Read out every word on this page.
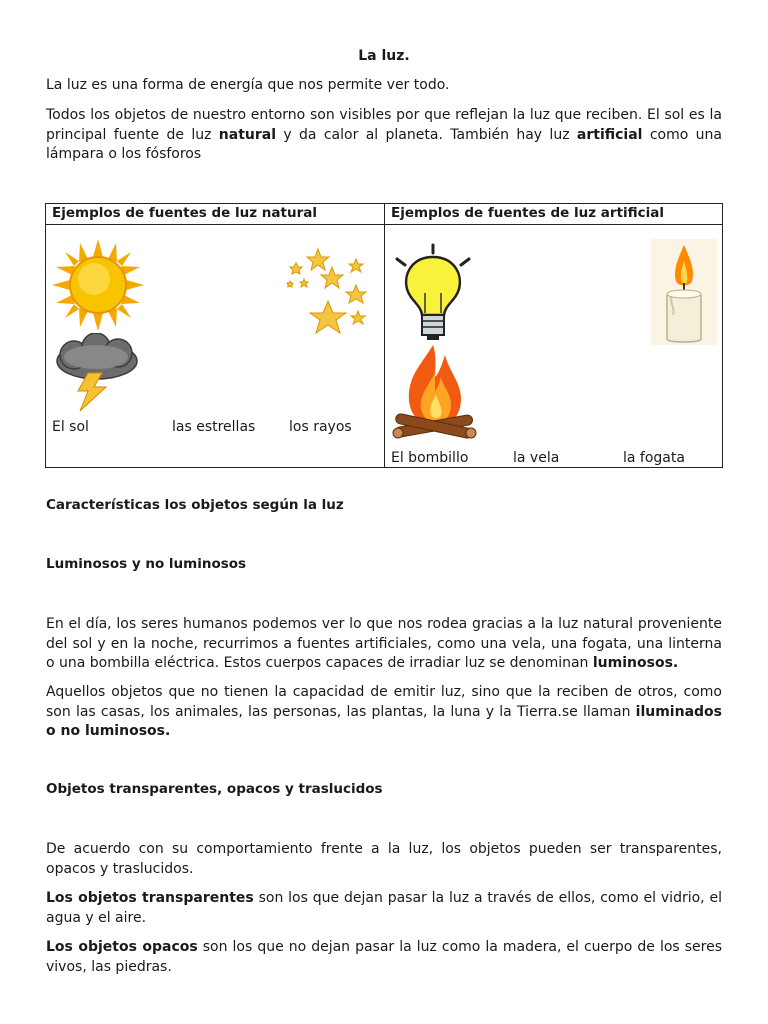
La luz.
La luz es una forma de energía que nos permite ver todo.
Todos los objetos de nuestro entorno son visibles por que reflejan la luz que reciben. El sol es la principal fuente de luz natural y da calor al planeta. También hay luz artificial como una lámpara o los fósforos
Ejemplos de fuentes de luz natural	Ejemplos de fuentes de luz artificial

El sol las estrellas los rayos	El bombillo la vela la fogata
Características los objetos según la luz
Luminosos y no luminosos
En el día, los seres humanos podemos ver lo que nos rodea gracias a la luz natural proveniente del sol y en la noche, recurrimos a fuentes artificiales, como una vela, una fogata, una linterna o una bombilla eléctrica. Estos cuerpos capaces de irradiar luz se denominan luminosos.
Aquellos objetos que no tienen la capacidad de emitir luz, sino que la reciben de otros, como son las casas, los animales, las personas, las plantas, la luna y la Tierra.se llaman iluminados o no luminosos.
Objetos transparentes, opacos y traslucidos
De acuerdo con su comportamiento frente a la luz, los objetos pueden ser transparentes, opacos y traslucidos.
Los objetos transparentes son los que dejan pasar la luz a través de ellos, como el vidrio, el agua y el aire.
Los objetos opacos son los que no dejan pasar la luz como la madera, el cuerpo de los seres vivos, las piedras.
